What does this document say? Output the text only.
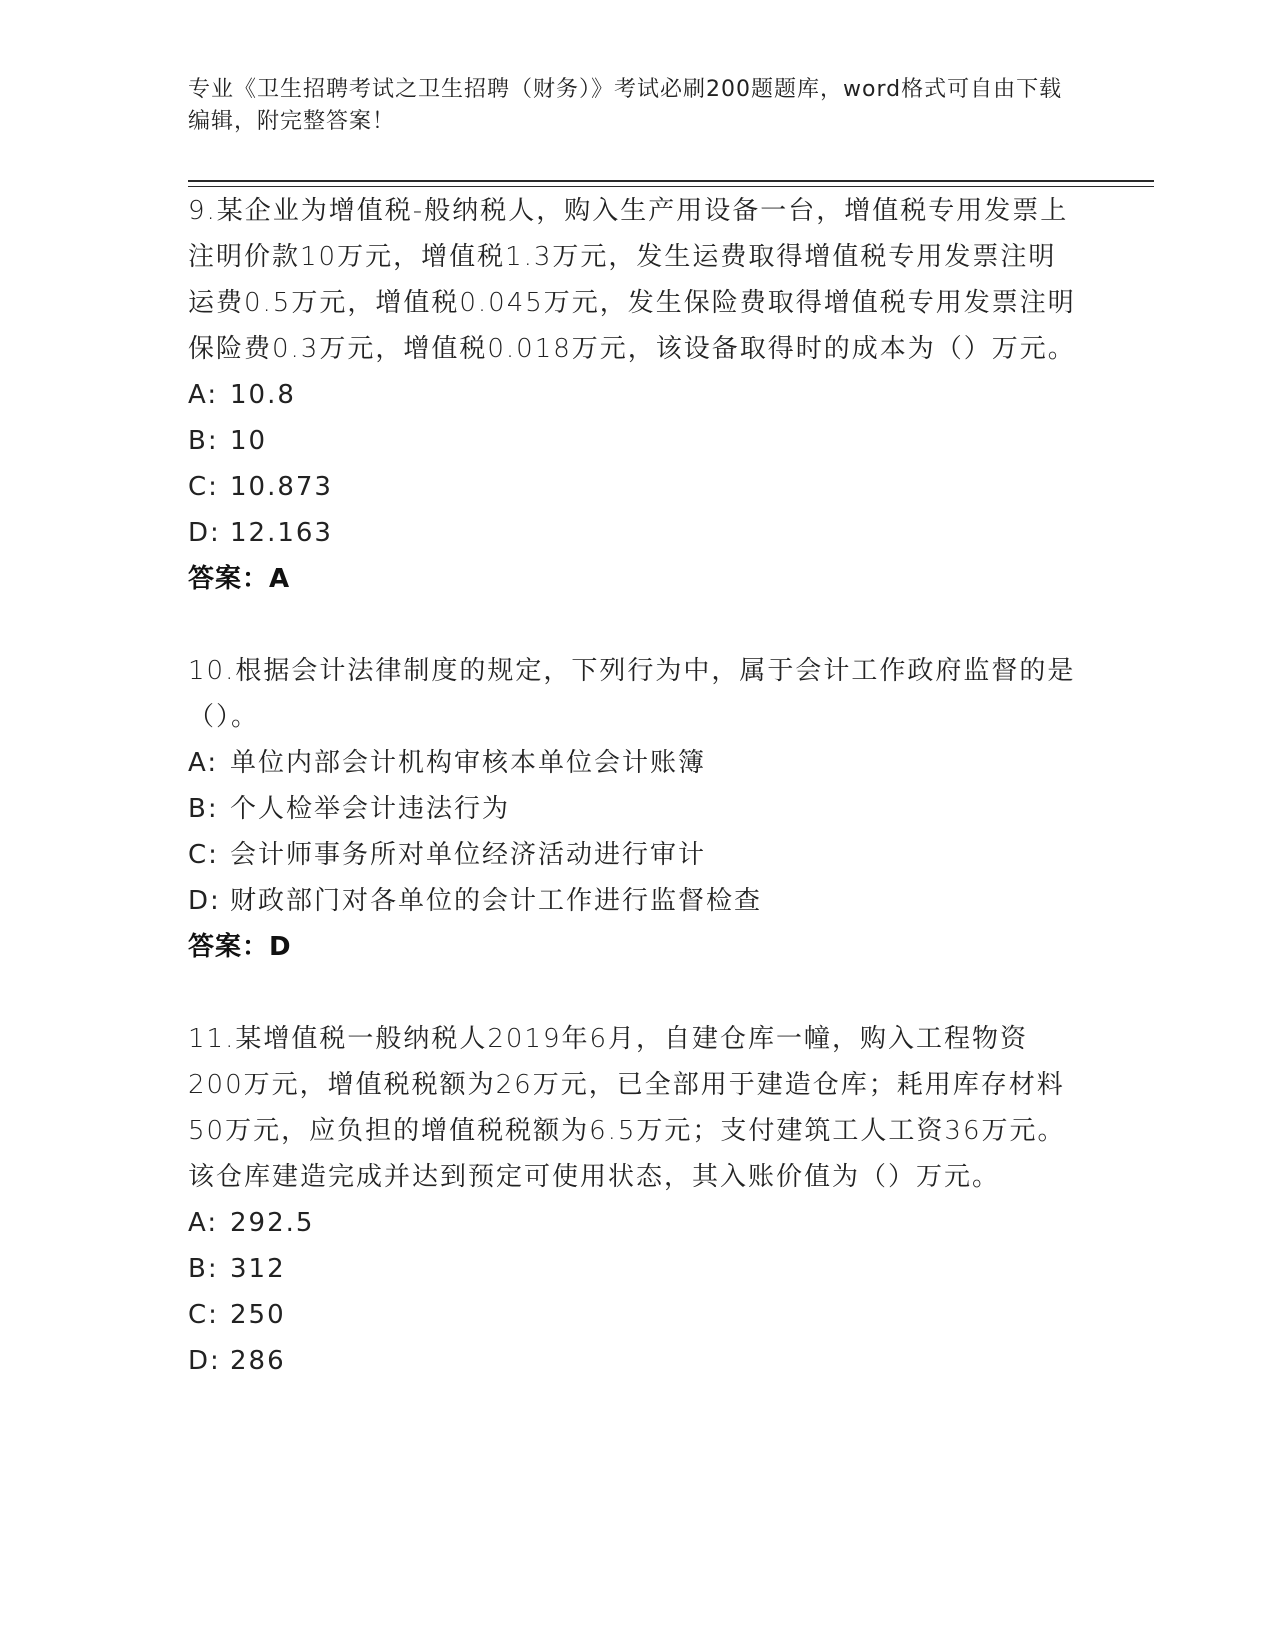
专业《卫生招聘考试之卫生招聘（财务）》考试必刷200题题库，word格式可自由下载编辑，附完整答案！

9.某企业为增值税-般纳税人，购入生产用设备一台，增值税专用发票上注明价款10万元，增值税1.3万元，发生运费取得增值税专用发票注明运费0.5万元，增值税0.045万元，发生保险费取得增值税专用发票注明保险费0.3万元，增值税0.018万元，该设备取得时的成本为（）万元。

A: 10.8

B: 10

C: 10.873

D: 12.163

答案：A

10.根据会计法律制度的规定，下列行为中，属于会计工作政府监督的是（）。

A: 单位内部会计机构审核本单位会计账簿

B: 个人检举会计违法行为

C: 会计师事务所对单位经济活动进行审计

D: 财政部门对各单位的会计工作进行监督检查

答案：D

11.某增值税一般纳税人2019年6月，自建仓库一幢，购入工程物资200万元，增值税税额为26万元，已全部用于建造仓库；耗用库存材料50万元，应负担的增值税税额为6.5万元；支付建筑工人工资36万元。该仓库建造完成并达到预定可使用状态，其入账价值为（）万元。

A: 292.5

B: 312

C: 250

D: 286
